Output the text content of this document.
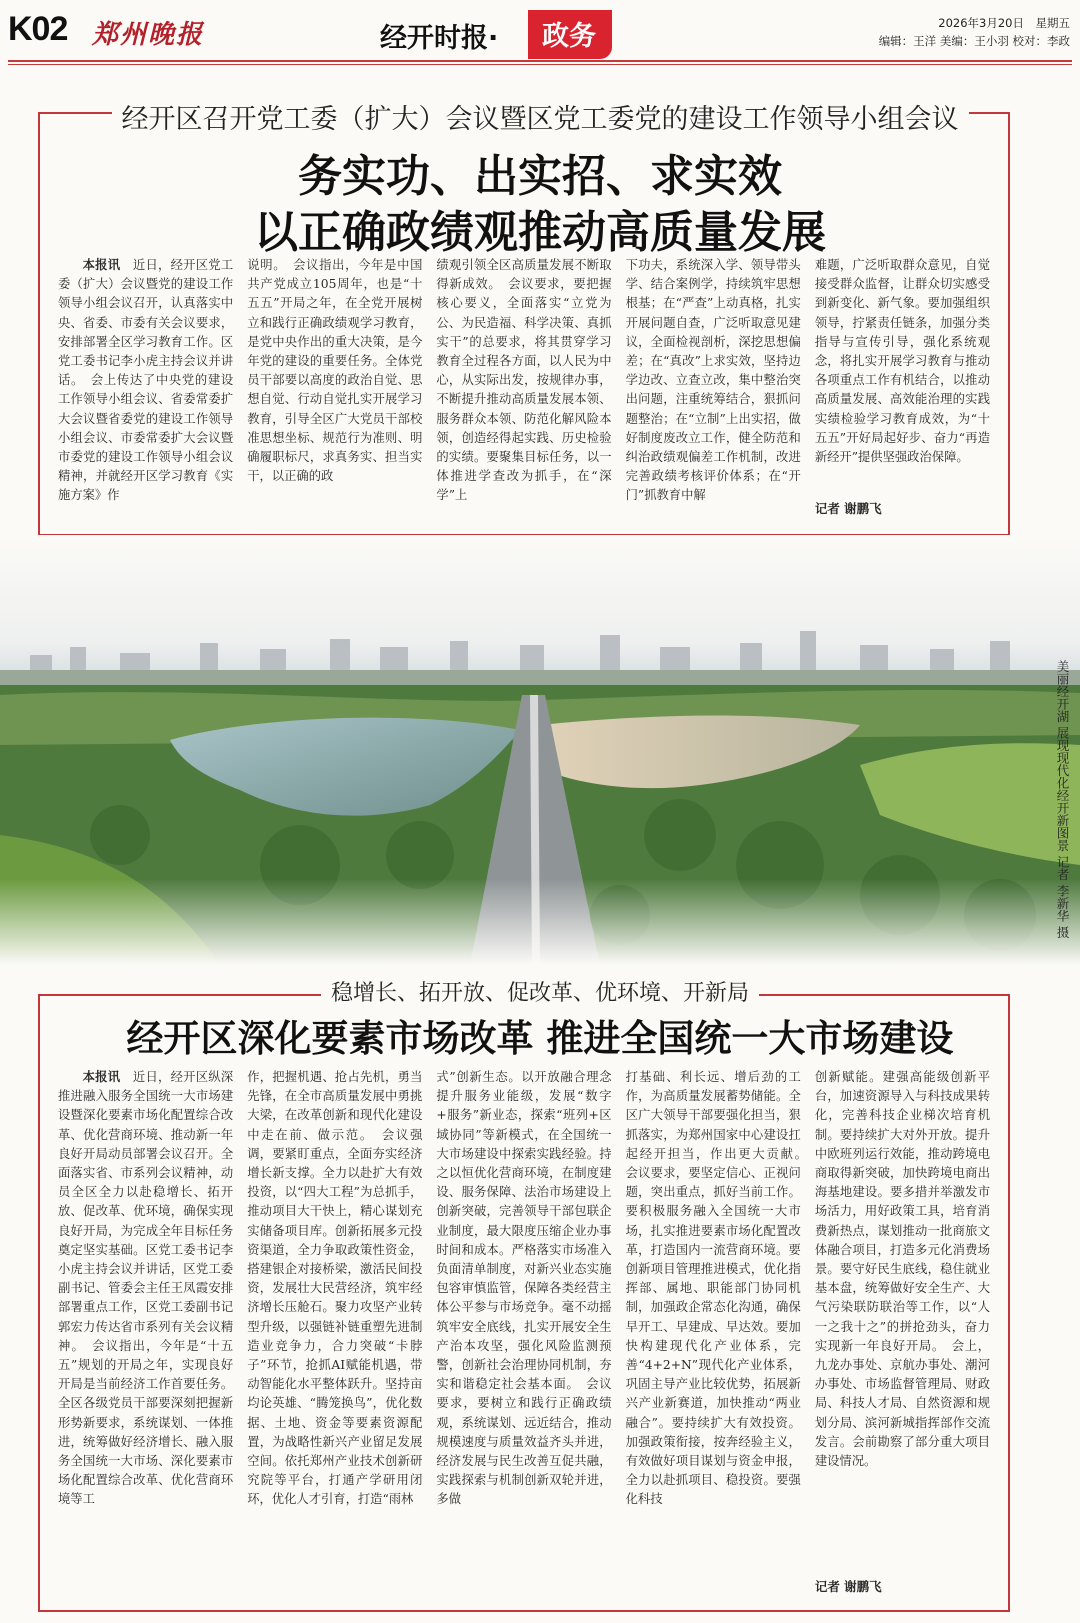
K02 郑州晚报	经开时报·	政务	2026年3月20日　星期五
编辑：王洋 美编：王小羽 校对：李政
经开区召开党工委（扩大）会议暨区党工委党的建设工作领导小组会议
务实功、出实招、求实效
以正确政绩观推动高质量发展

本报讯　 近日，经开区党工委（扩大）会议暨党的建设工作领导小组会议召开，认真落实中央、省委、市委有关会议要求，安排部署全区学习教育工作。区党工委书记李小虎主持会议并讲话。　会上传达了中央党的建设工作领导小组会议、省委常委扩大会议暨省委党的建设工作领导小组会议、市委常委扩大会议暨市委党的建设工作领导小组会议精神，并就经开区学习教育《实施方案》作

说明。　会议指出，今年是中国共产党成立105周年，也是“十五五”开局之年，在全党开展树立和践行正确政绩观学习教育，是党中央作出的重大决策，是今年党的建设的重要任务。全体党员干部要以高度的政治自觉、思想自觉、行动自觉扎实开展学习教育，引导全区广大党员干部校准思想坐标、规范行为准则、明确履职标尺，求真务实、担当实干，以正确的政

绩观引领全区高质量发展不断取得新成效。　会议要求，要把握核心要义，全面落实“立党为公、为民造福、科学决策、真抓实干”的总要求，将其贯穿学习教育全过程各方面，以人民为中心，从实际出发，按规律办事，不断提升推动高质量发展本领、服务群众本领、防范化解风险本领，创造经得起实践、历史检验的实绩。要聚集目标任务，以一体推进学查改为抓手，在“深学”上

下功夫，系统深入学、领导带头学、结合案例学，持续筑牢思想根基；在“严查”上动真格，扎实开展问题自查，广泛听取意见建议，全面检视剖析，深挖思想偏差；在“真改”上求实效，坚持边学边改、立查立改，集中整治突出问题，注重统筹结合，狠抓问题整治；在“立制”上出实招，做好制度废改立工作，健全防范和纠治政绩观偏差工作机制，改进完善政绩考核评价体系；在“开门”抓教育中解

难题，广泛听取群众意见，自觉接受群众监督，让群众切实感受到新变化、新气象。要加强组织领导，拧紧责任链条，加强分类指导与宣传引导，强化系统观念，将扎实开展学习教育与推动各项重点工作有机结合，以推动高质量发展、高效能治理的实践实绩检验学习教育成效，为“十五五”开好局起好步、奋力“再造新经开”提供坚强政治保障。

记者 谢鹏飞
美丽经开湖 展现现代化经开新图景 记者 李新华 摄
稳增长、拓开放、促改革、优环境、开新局
经开区深化要素市场改革 推进全国统一大市场建设

本报讯　 近日，经开区纵深推进融入服务全国统一大市场建设暨深化要素市场化配置综合改革、优化营商环境、推动新一年良好开局动员部署会议召开。全面落实省、市系列会议精神，动员全区全力以赴稳增长、拓开放、促改革、优环境，确保实现良好开局，为完成全年目标任务奠定坚实基础。区党工委书记李小虎主持会议并讲话，区党工委副书记、管委会主任王凤霞安排部署重点工作，区党工委副书记郭宏力传达省市系列有关会议精神。　会议指出，今年是“十五五”规划的开局之年，实现良好开局是当前经济工作首要任务。全区各级党员干部要深刻把握新形势新要求，系统谋划、一体推进，统筹做好经济增长、融入服务全国统一大市场、深化要素市场化配置综合改革、优化营商环境等工

作，把握机遇、抢占先机，勇当先锋，在全市高质量发展中勇挑大梁，在改革创新和现代化建设中走在前、做示范。　会议强调，要紧盯重点，全面夯实经济增长新支撑。全力以赴扩大有效投资，以“四大工程”为总抓手，推动项目大干快上，精心谋划充实储备项目库。创新拓展多元投资渠道，全力争取政策性资金，搭建银企对接桥梁，激活民间投资，发展壮大民营经济，筑牢经济增长压舱石。聚力攻坚产业转型升级，以强链补链重塑先进制造业竞争力，合力突破“卡脖子”环节，抢抓AI赋能机遇，带动智能化水平整体跃升。坚持亩均论英雄、“腾笼换鸟”，优化数据、土地、资金等要素资源配置，为战略性新兴产业留足发展空间。依托郑州产业技术创新研究院等平台，打通产学研用闭环，优化人才引育，打造“雨林

式”创新生态。以开放融合理念提升服务业能级，发展“数字+服务”新业态，探索“班列+区域协同”等新模式，在全国统一大市场建设中探索实践经验。持之以恒优化营商环境，在制度建设、服务保障、法治市场建设上创新突破，完善领导干部包联企业制度，最大限度压缩企业办事时间和成本。严格落实市场准入负面清单制度，对新兴业态实施包容审慎监管，保障各类经营主体公平参与市场竞争。毫不动摇筑牢安全底线，扎实开展安全生产治本攻坚，强化风险监测预警，创新社会治理协同机制，夯实和谐稳定社会基本面。　会议要求，要树立和践行正确政绩观，系统谋划、远近结合，推动规模速度与质量效益齐头并进，经济发展与民生改善互促共融，实践探索与机制创新双轮并进，多做

打基础、利长远、增后劲的工作，为高质量发展蓄势储能。全区广大领导干部要强化担当，狠抓落实，为郑州国家中心建设扛起经开担当，作出更大贡献。　会议要求，要坚定信心、正视问题，突出重点，抓好当前工作。要积极服务融入全国统一大市场，扎实推进要素市场化配置改革，打造国内一流营商环境。要创新项目管理推进模式，优化指挥部、属地、职能部门协同机制，加强政企常态化沟通，确保早开工、早建成、早达效。要加快构建现代化产业体系，完善“4+2+N”现代化产业体系，巩固主导产业比较优势，拓展新兴产业新赛道，加快推动“两业融合”。要持续扩大有效投资。加强政策衔接，按奔经验主义，有效做好项目谋划与资金申报，全力以赴抓项目、稳投资。要强化科技

创新赋能。建强高能级创新平台，加速资源导入与科技成果转化，完善科技企业梯次培育机制。要持续扩大对外开放。提升中欧班列运行效能，推动跨境电商取得新突破，加快跨境电商出海基地建设。要多措并举激发市场活力，用好政策工具，培育消费新热点，谋划推动一批商旅文体融合项目，打造多元化消费场景。要守好民生底线，稳住就业基本盘，统筹做好安全生产、大气污染联防联治等工作，以“人一之我十之”的拼抢劲头，奋力实现新一年良好开局。　会上，九龙办事处、京航办事处、潮河办事处、市场监督管理局、财政局、科技人才局、自然资源和规划分局、滨河新城指挥部作交流发言。会前勘察了部分重大项目建设情况。

记者 谢鹏飞
